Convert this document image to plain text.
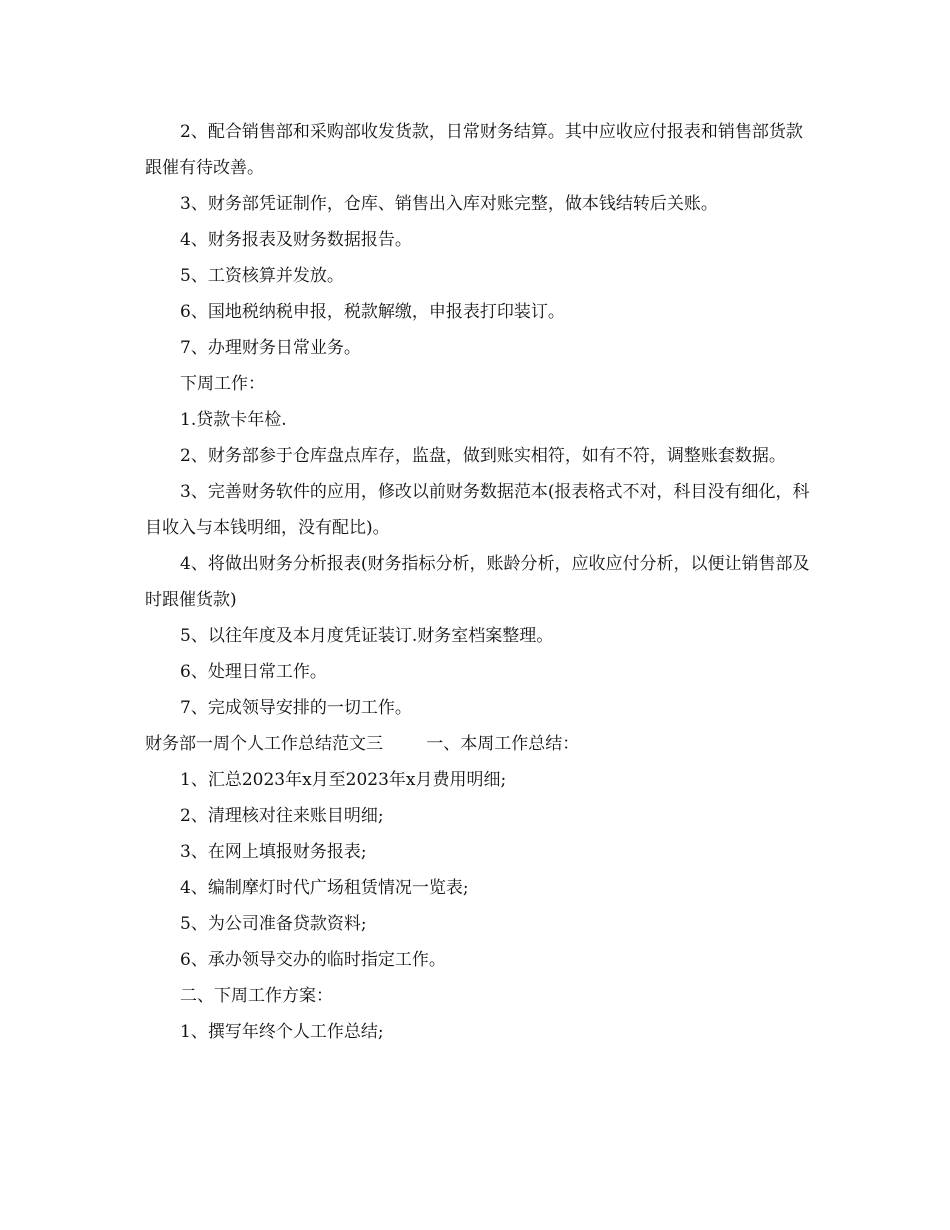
2、配合销售部和采购部收发货款，日常财务结算。其中应收应付报表和销售部货款跟催有待改善。

3、财务部凭证制作，仓库、销售出入库对账完整，做本钱结转后关账。

4、财务报表及财务数据报告。

5、工资核算并发放。

6、国地税纳税申报，税款解缴，申报表打印装订。

7、办理财务日常业务。

下周工作：

1.贷款卡年检.

2、财务部参于仓库盘点库存，监盘，做到账实相符，如有不符，调整账套数据。

3、完善财务软件的应用，修改以前财务数据范本(报表格式不对，科目没有细化，科目收入与本钱明细，没有配比)。

4、将做出财务分析报表(财务指标分析，账龄分析，应收应付分析，以便让销售部及时跟催货款)

5、以往年度及本月度凭证装订.财务室档案整理。

6、处理日常工作。

7、完成领导安排的一切工作。

财务部一周个人工作总结范文三        一、本周工作总结：

1、汇总2023年x月至2023年x月费用明细;

2、清理核对往来账目明细;

3、在网上填报财务报表;

4、编制摩灯时代广场租赁情况一览表;

5、为公司准备贷款资料;

6、承办领导交办的临时指定工作。

二、下周工作方案：

1、撰写年终个人工作总结;
